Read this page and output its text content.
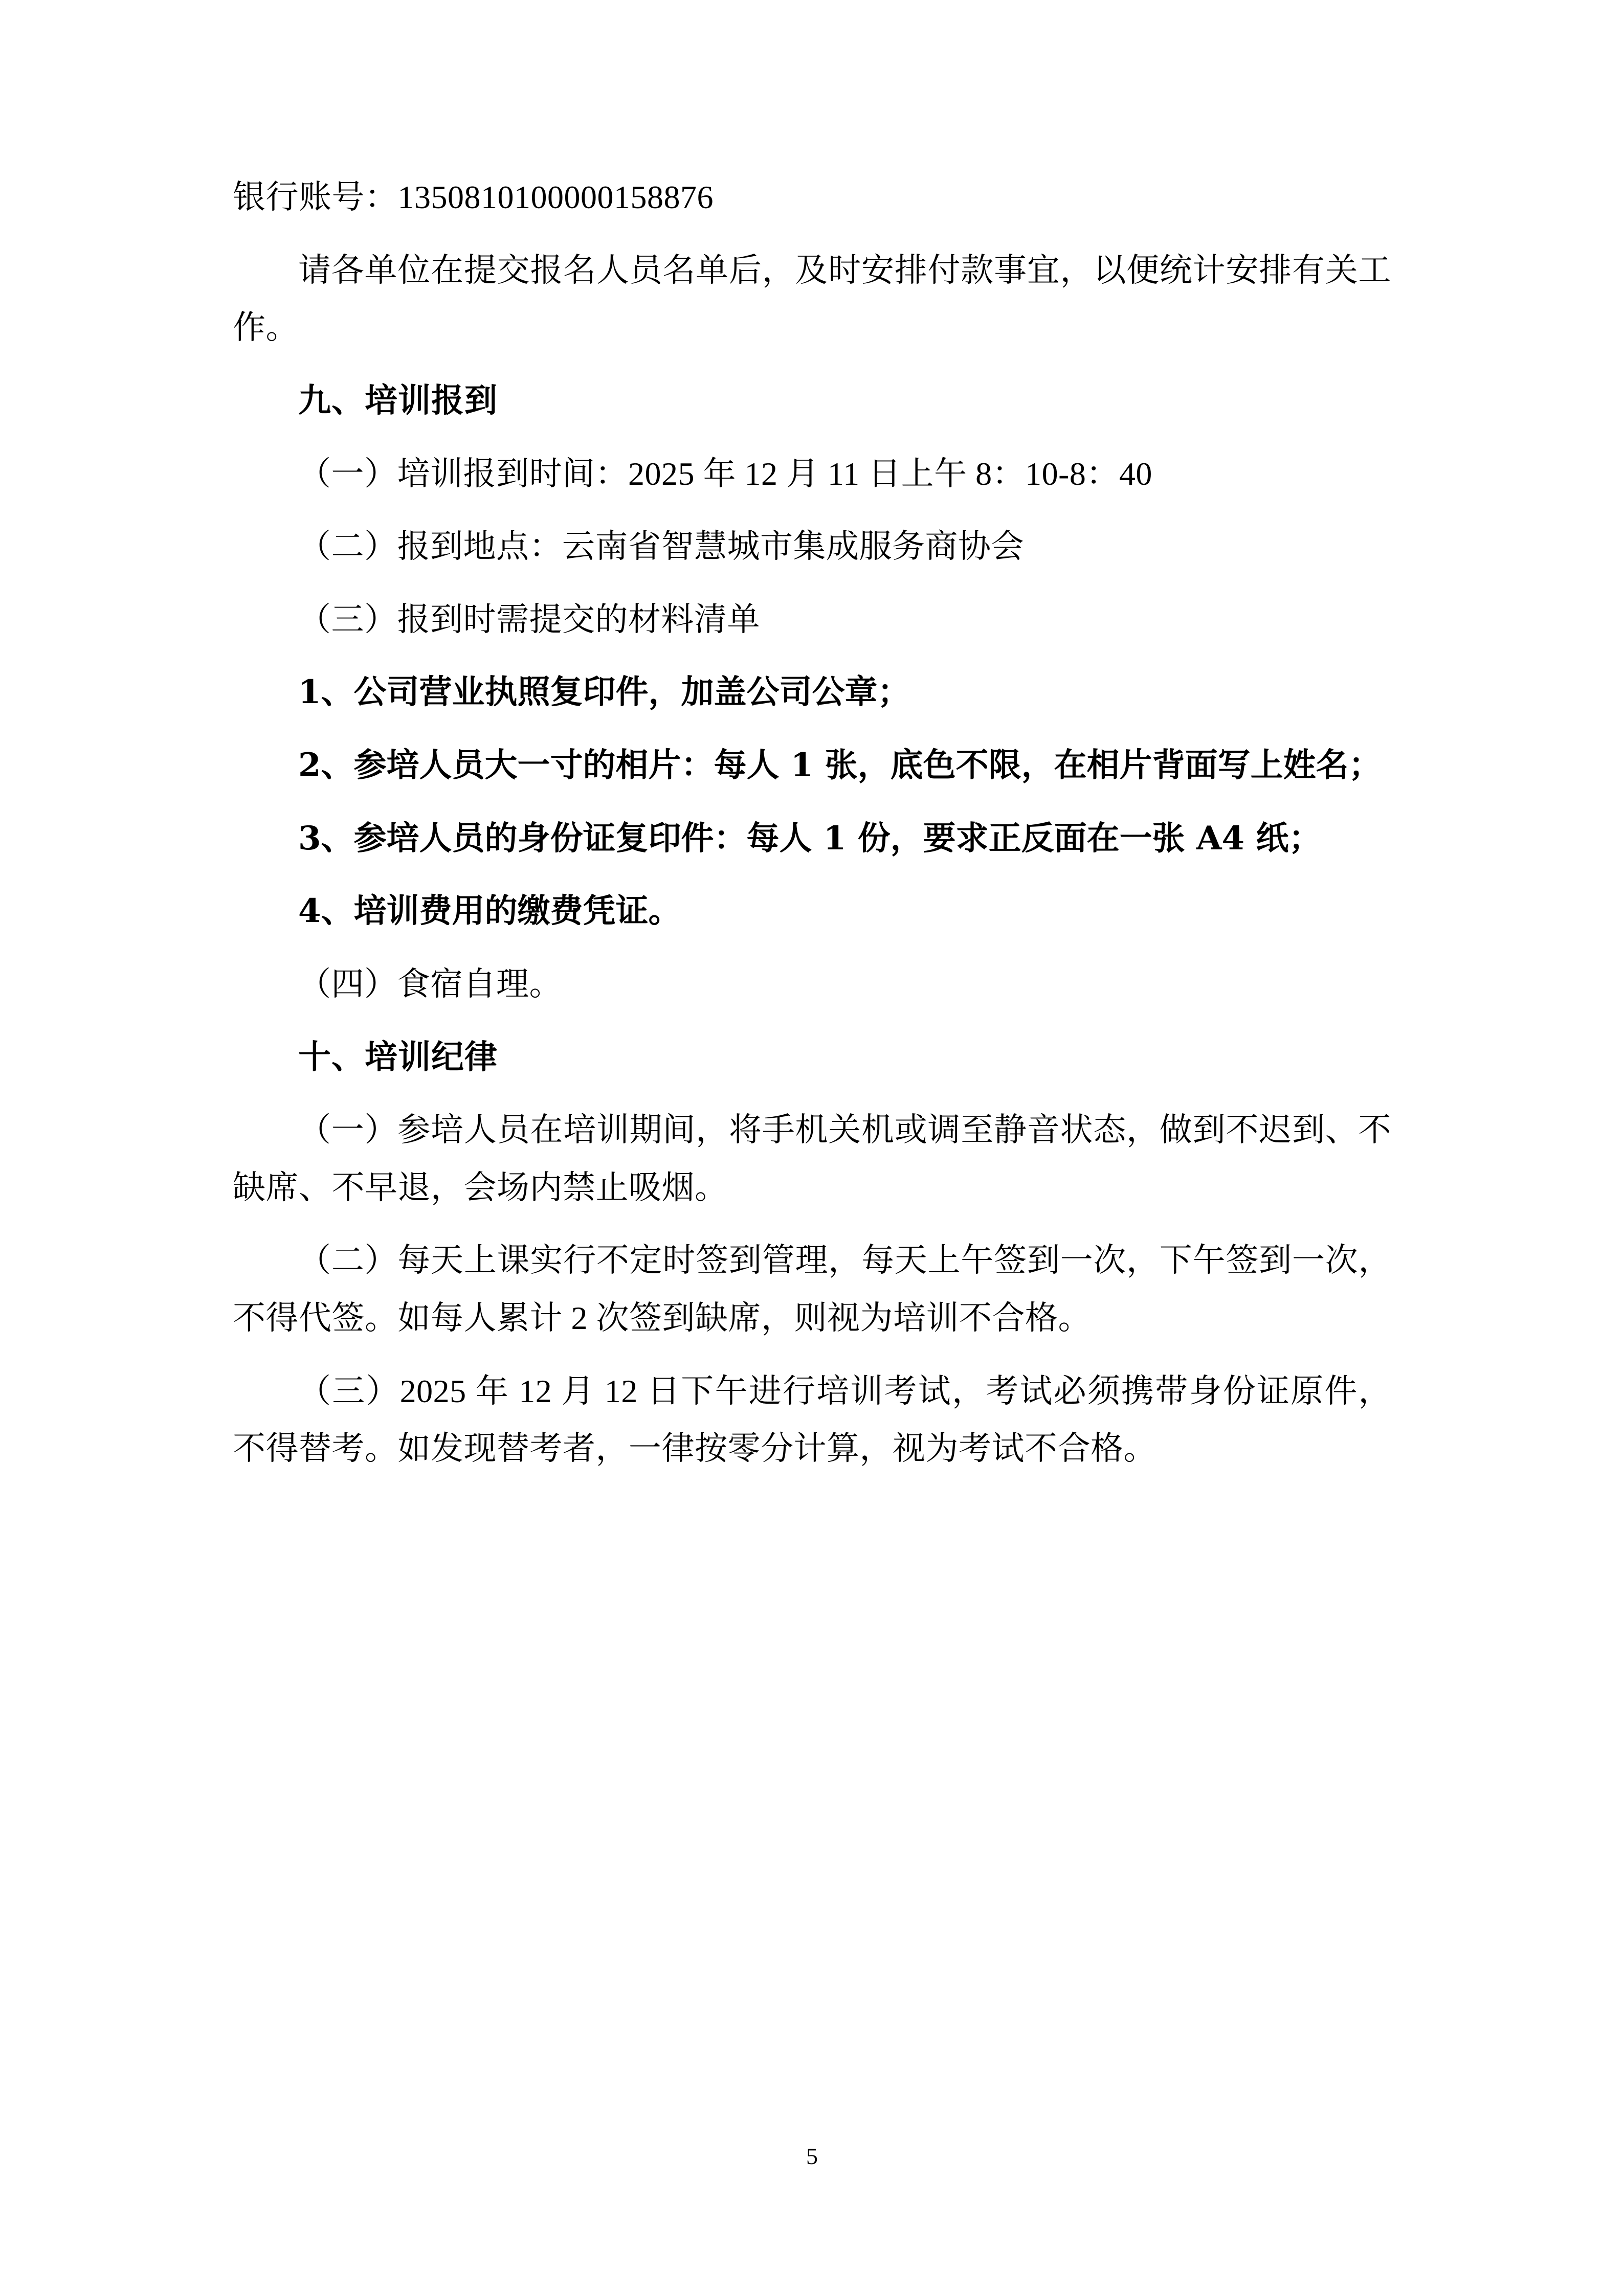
银行账号：1350810100000158876

请各单位在提交报名人员名单后，及时安排付款事宜，以便统计安排有关工作。

九、培训报到

（一）培训报到时间：2025 年 12 月 11 日上午 8：10-8：40

（二）报到地点：云南省智慧城市集成服务商协会

（三）报到时需提交的材料清单

1、公司营业执照复印件，加盖公司公章；

2、参培人员大一寸的相片：每人 1 张，底色不限，在相片背面写上姓名；

3、参培人员的身份证复印件：每人 1 份，要求正反面在一张 A4 纸；

4、培训费用的缴费凭证。

（四）食宿自理。

十、培训纪律

（一）参培人员在培训期间，将手机关机或调至静音状态，做到不迟到、不缺席、不早退，会场内禁止吸烟。

（二）每天上课实行不定时签到管理，每天上午签到一次，下午签到一次，不得代签。如每人累计 2 次签到缺席，则视为培训不合格。

（三）2025 年 12 月 12 日下午进行培训考试，考试必须携带身份证原件，不得替考。如发现替考者，一律按零分计算，视为考试不合格。

5
